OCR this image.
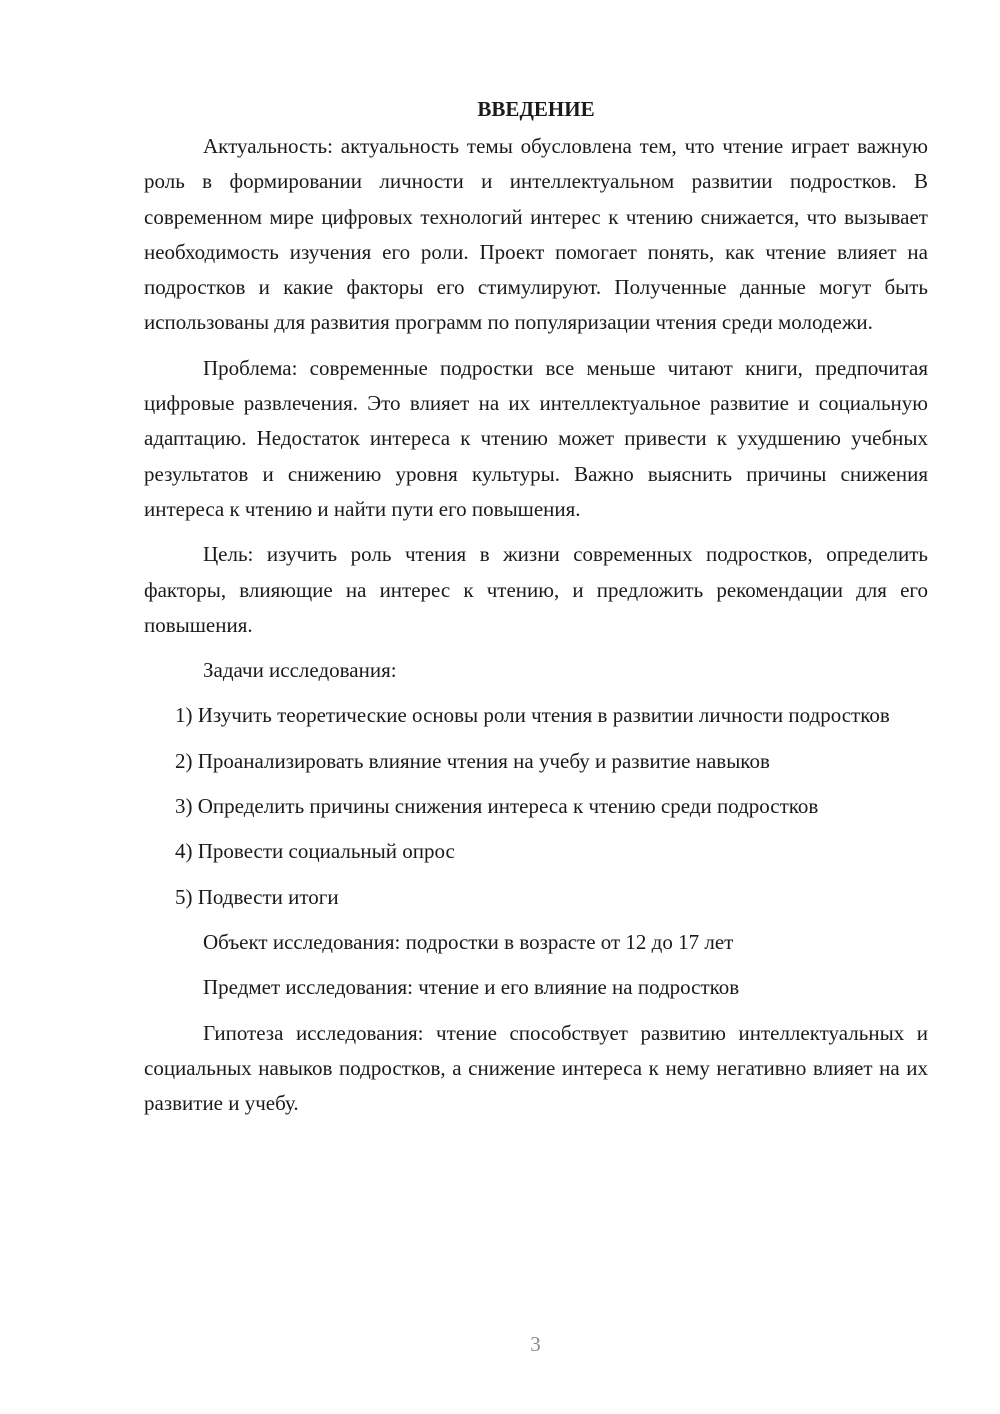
ВВЕДЕНИЕ

Актуальность: актуальность темы обусловлена тем, что чтение играет важную роль в формировании личности и интеллектуальном развитии подростков. В современном мире цифровых технологий интерес к чтению снижается, что вызывает необходимость изучения его роли. Проект помогает понять, как чтение влияет на подростков и какие факторы его стимулируют. Полученные данные могут быть использованы для развития программ по популяризации чтения среди молодежи.

Проблема: современные подростки все меньше читают книги, предпочитая цифровые развлечения. Это влияет на их интеллектуальное развитие и социальную адаптацию. Недостаток интереса к чтению может привести к ухудшению учебных результатов и снижению уровня культуры. Важно выяснить причины снижения интереса к чтению и найти пути его повышения.

Цель: изучить роль чтения в жизни современных подростков, определить факторы, влияющие на интерес к чтению, и предложить рекомендации для его повышения.

Задачи исследования:

1) Изучить теоретические основы роли чтения в развитии личности подростков

2) Проанализировать влияние чтения на учебу и развитие навыков

3) Определить причины снижения интереса к чтению среди подростков

4) Провести социальный опрос

5) Подвести итоги

Объект исследования: подростки в возрасте от 12 до 17 лет

Предмет исследования: чтение и его влияние на подростков

Гипотеза исследования: чтение способствует развитию интеллектуальных и социальных навыков подростков, а снижение интереса к нему негативно влияет на их развитие и учебу.

3
